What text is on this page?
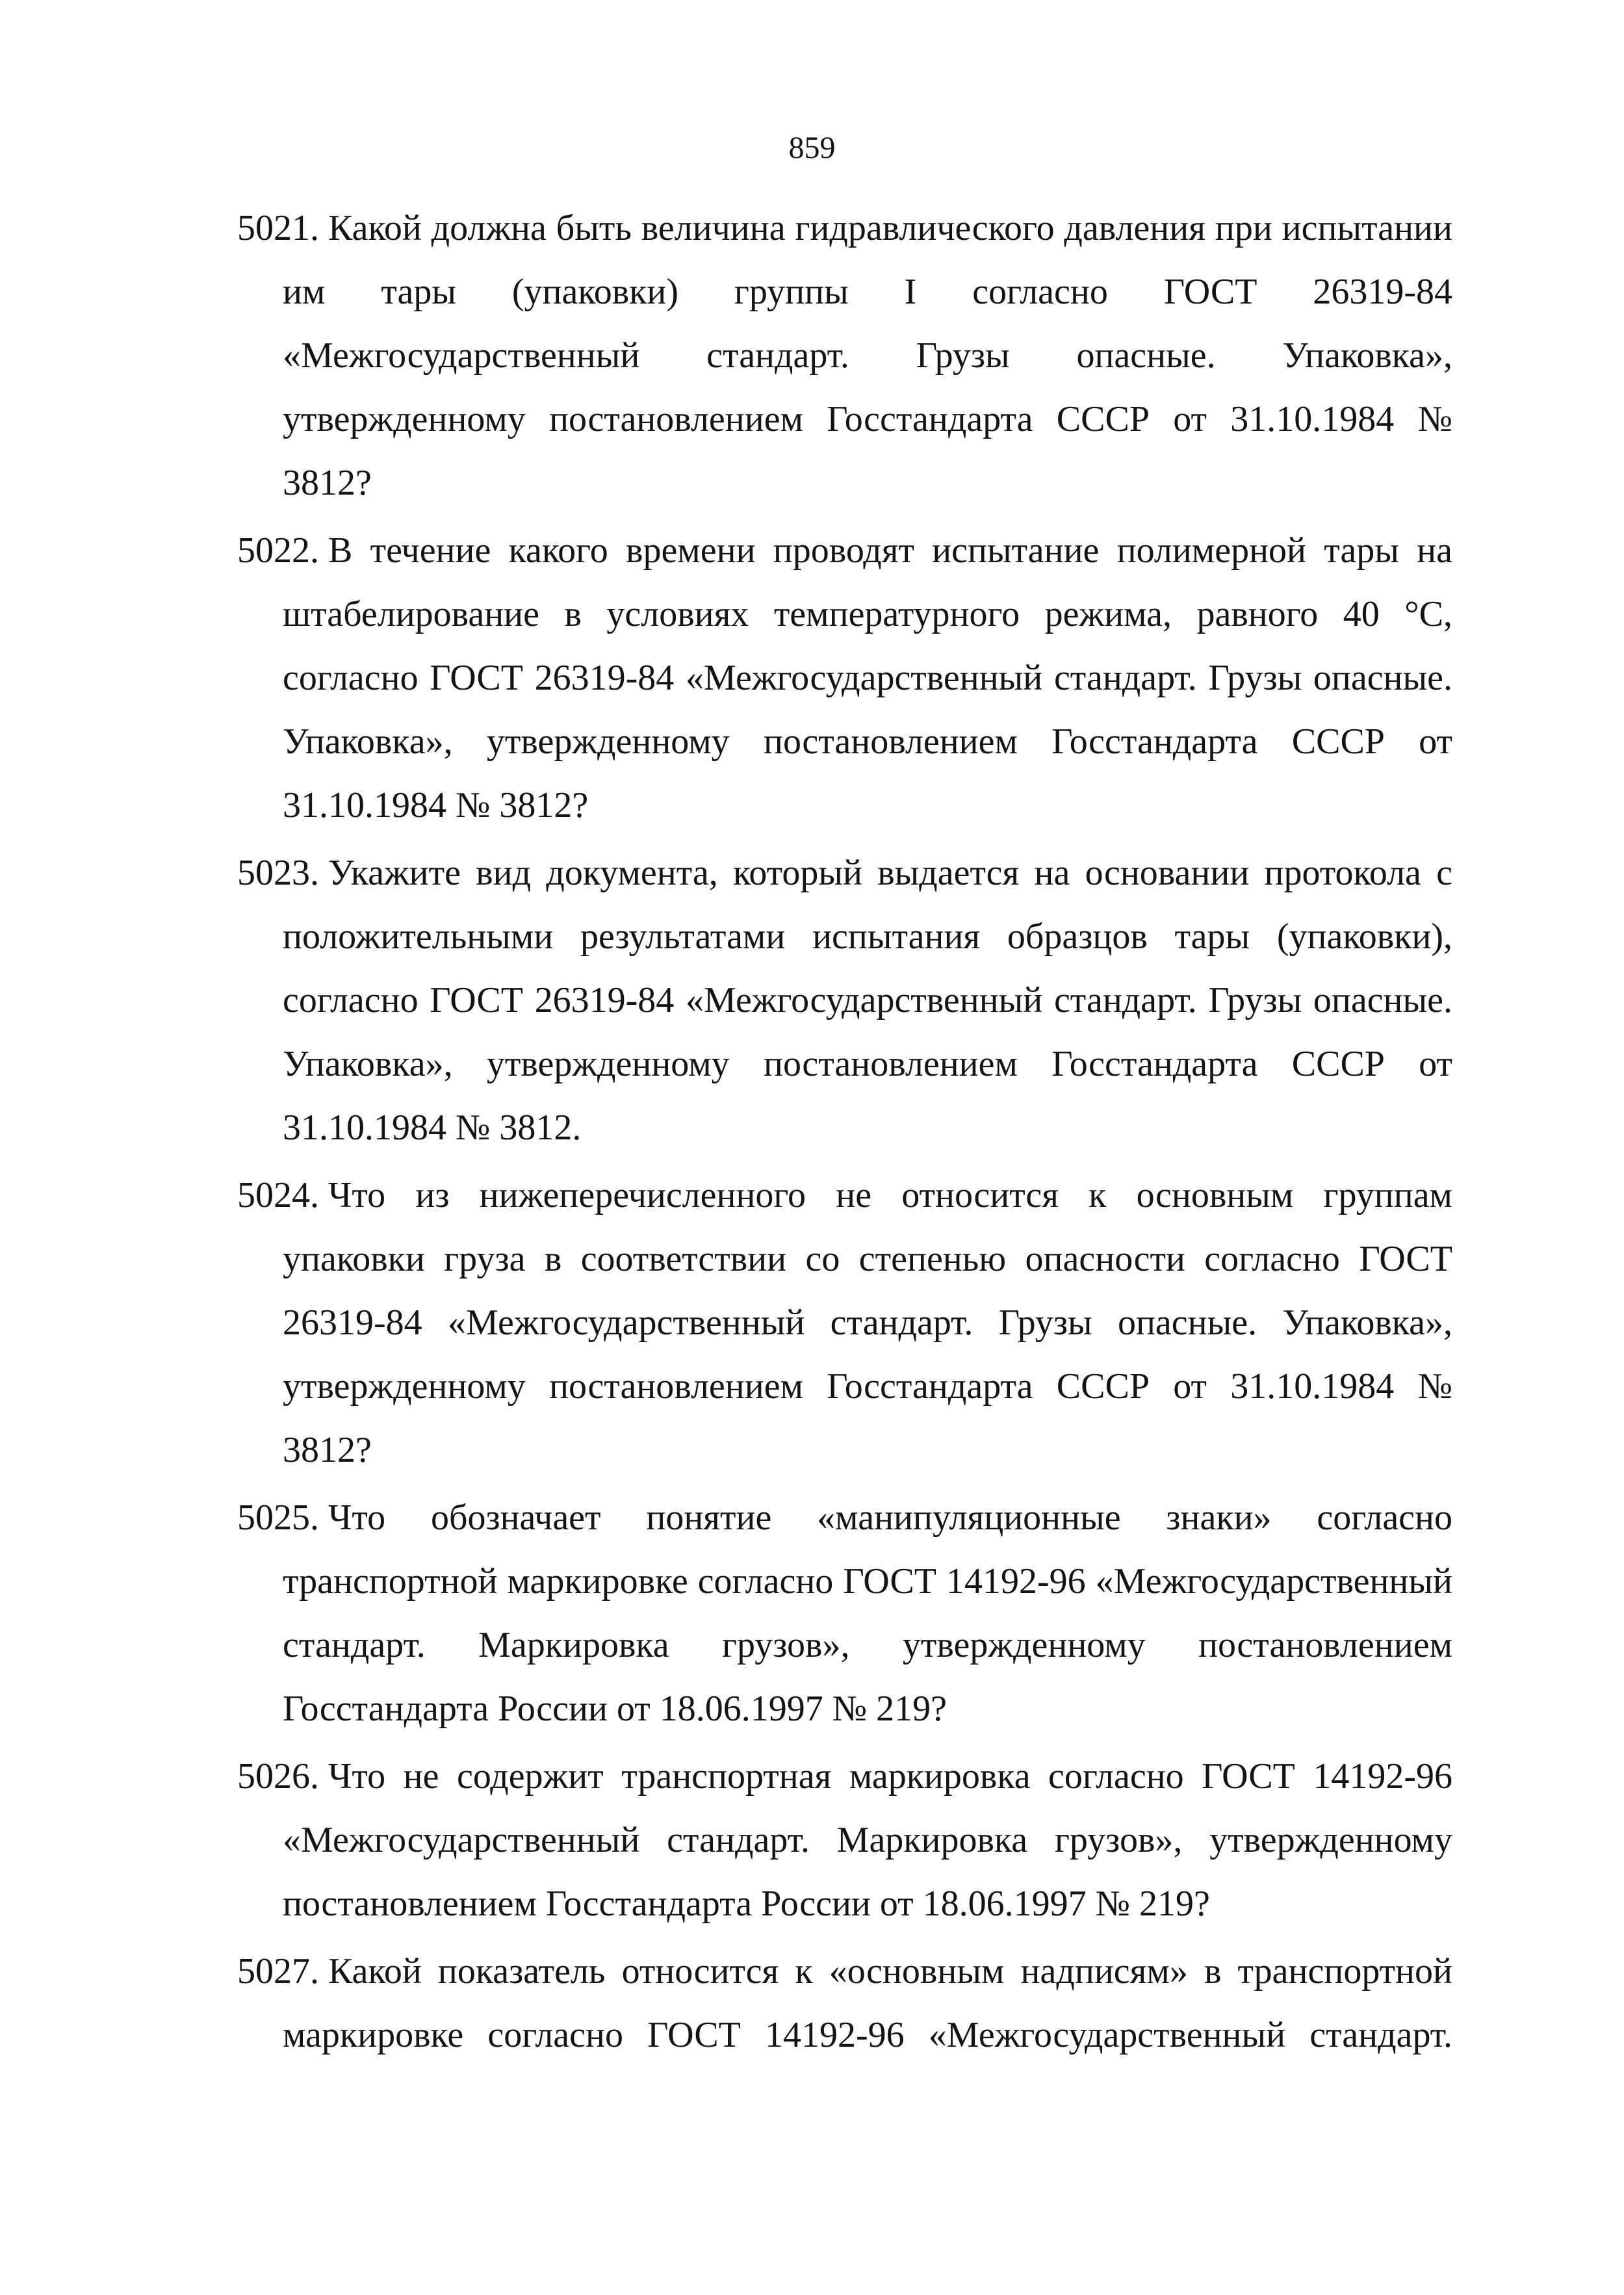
859

5021. Какой должна быть величина гидравлического давления при испытании им тары (упаковки) группы I согласно ГОСТ 26319-84 «Межгосударственный стандарт. Грузы опасные. Упаковка», утвержденному постановлением Госстандарта СССР от 31.10.1984 № 3812?

5022. В течение какого времени проводят испытание полимерной тары на штабелирование в условиях температурного режима, равного 40 °С, согласно ГОСТ 26319-84 «Межгосударственный стандарт. Грузы опасные. Упаковка», утвержденному постановлением Госстандарта СССР от 31.10.1984 № 3812?

5023. Укажите вид документа, который выдается на основании протокола с положительными результатами испытания образцов тары (упаковки), согласно ГОСТ 26319-84 «Межгосударственный стандарт. Грузы опасные. Упаковка», утвержденному постановлением Госстандарта СССР от 31.10.1984 № 3812.

5024. Что из нижеперечисленного не относится к основным группам упаковки груза в соответствии со степенью опасности согласно ГОСТ 26319-84 «Межгосударственный стандарт. Грузы опасные. Упаковка», утвержденному постановлением Госстандарта СССР от 31.10.1984 № 3812?

5025. Что обозначает понятие «манипуляционные знаки» согласно транспортной маркировке согласно ГОСТ 14192-96 «Межгосударственный стандарт. Маркировка грузов», утвержденному постановлением Госстандарта России от 18.06.1997 № 219?

5026. Что не содержит транспортная маркировка согласно ГОСТ 14192-96 «Межгосударственный стандарт. Маркировка грузов», утвержденному постановлением Госстандарта России от 18.06.1997 № 219?

5027. Какой показатель относится к «основным надписям» в транспортной маркировке согласно ГОСТ 14192-96 «Межгосударственный стандарт.
